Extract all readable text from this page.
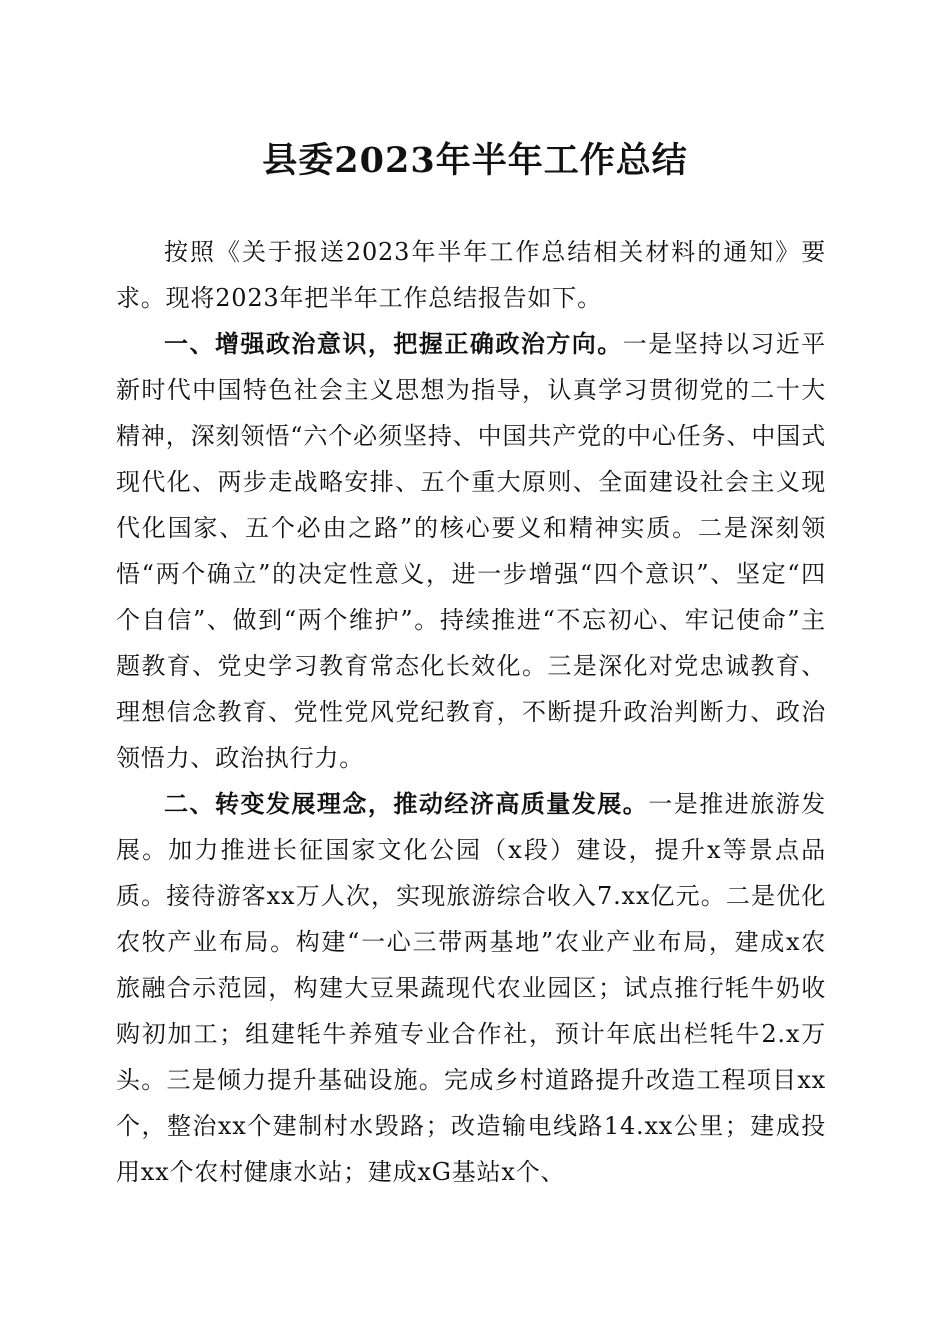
县委2023年半年工作总结

按照《关于报送2023年半年工作总结相关材料的通知》要求。现将2023年把半年工作总结报告如下。

一、增强政治意识，把握正确政治方向。一是坚持以习近平新时代中国特色社会主义思想为指导，认真学习贯彻党的二十大精神，深刻领悟“六个必须坚持、中国共产党的中心任务、中国式现代化、两步走战略安排、五个重大原则、全面建设社会主义现代化国家、五个必由之路”的核心要义和精神实质。二是深刻领悟“两个确立”的决定性意义，进一步增强“四个意识”、坚定“四个自信”、做到“两个维护”。持续推进“不忘初心、牢记使命”主题教育、党史学习教育常态化长效化。三是深化对党忠诚教育、理想信念教育、党性党风党纪教育，不断提升政治判断力、政治领悟力、政治执行力。

二、转变发展理念，推动经济高质量发展。一是推进旅游发展。加力推进长征国家文化公园（x段）建设，提升x等景点品质。接待游客xx万人次，实现旅游综合收入7.xx亿元。二是优化农牧产业布局。构建“一心三带两基地”农业产业布局，建成x农旅融合示范园，构建大豆果蔬现代农业园区；试点推行牦牛奶收购初加工；组建牦牛养殖专业合作社，预计年底出栏牦牛2.x万头。三是倾力提升基础设施。完成乡村道路提升改造工程项目xx个，整治xx个建制村水毁路；改造输电线路14.xx公里；建成投用xx个农村健康水站；建成xG基站x个、
